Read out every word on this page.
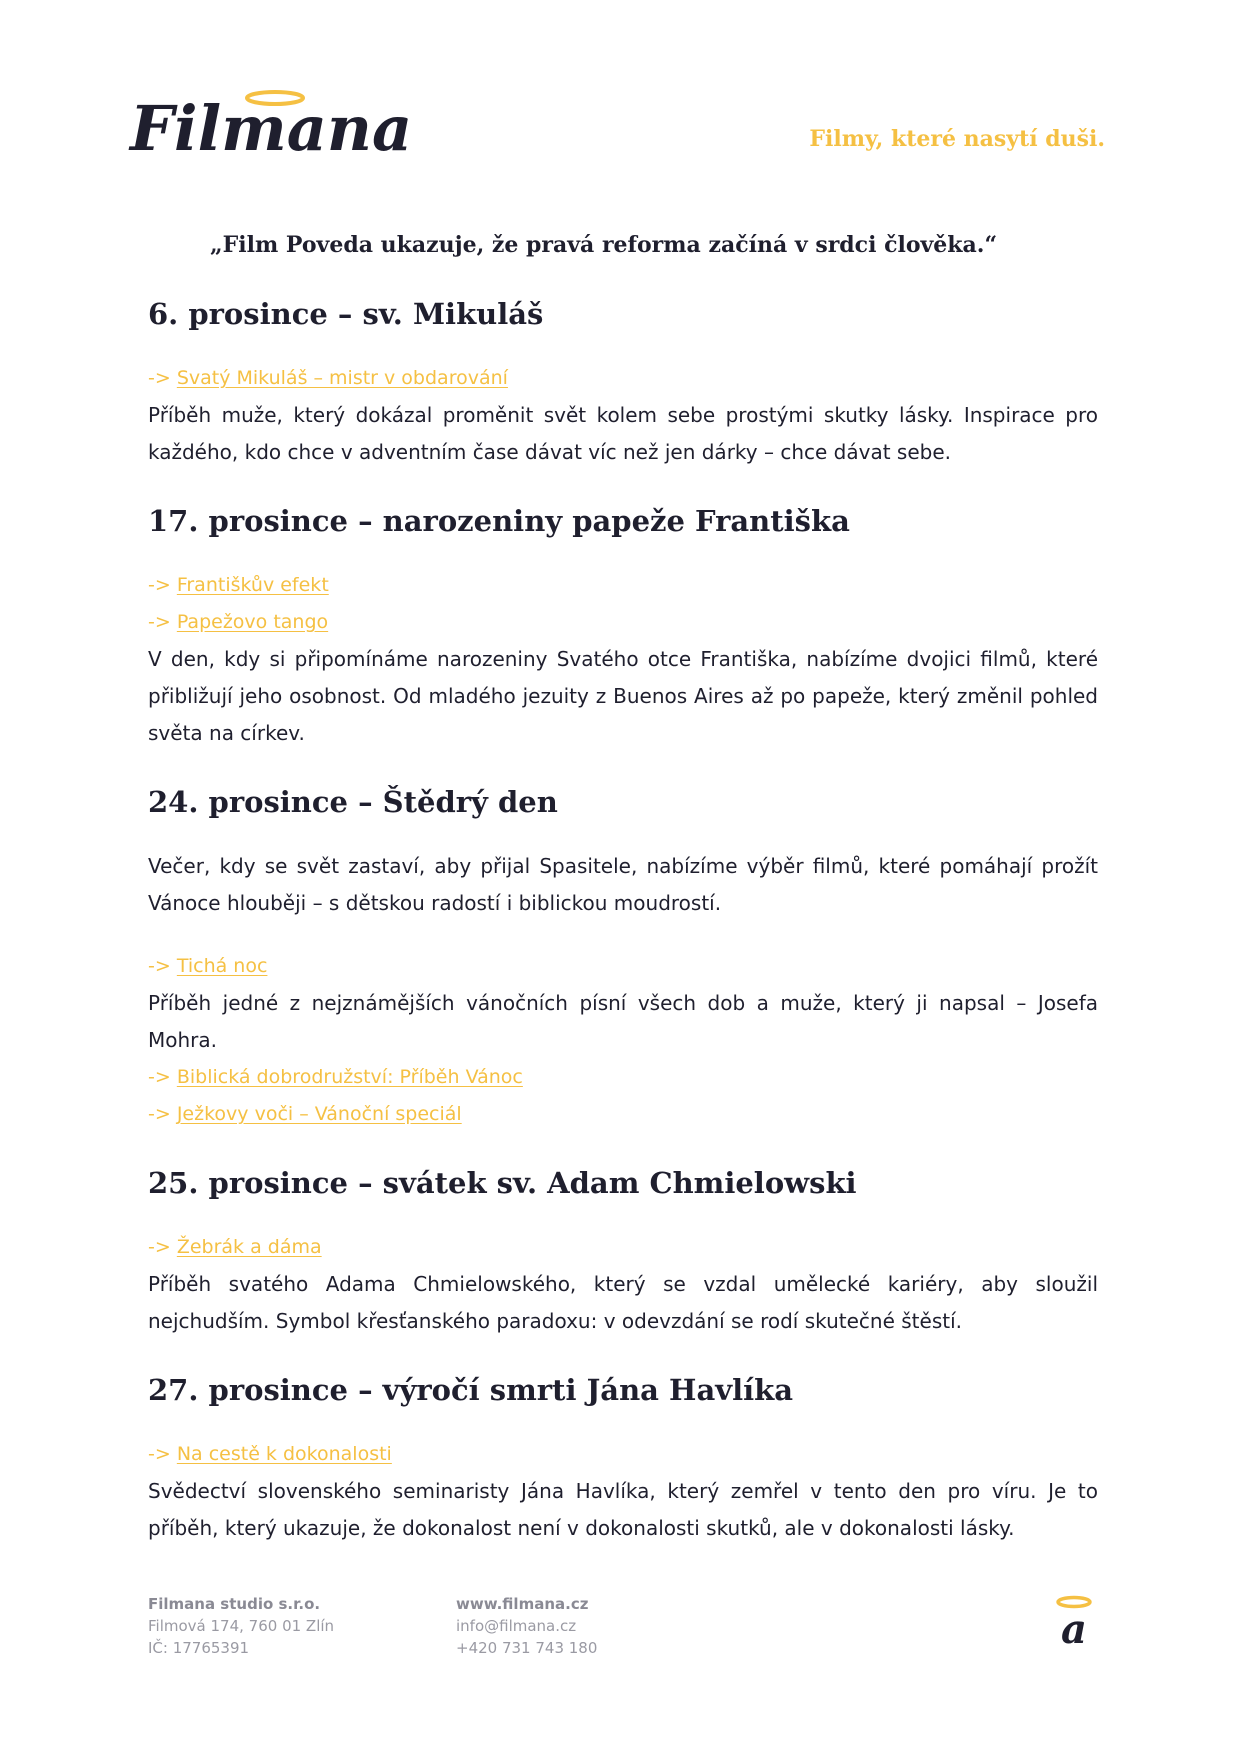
Filmana	Filmy, které nasytí duši.

„Film Poveda ukazuje, že pravá reforma začíná v srdci člověka.“

6. prosince – sv. Mikuláš
-> Svatý Mikuláš – mistr v obdarování

Příběh muže, který dokázal proměnit svět kolem sebe prostými skutky lásky. Inspirace pro každého, kdo chce v adventním čase dávat víc než jen dárky – chce dávat sebe.

17. prosince – narozeniny papeže Františka
-> Františkův efekt
-> Papežovo tango

V den, kdy si připomínáme narozeniny Svatého otce Františka, nabízíme dvojici filmů, které přibližují jeho osobnost. Od mladého jezuity z Buenos Aires až po papeže, který změnil pohled světa na církev.

24. prosince – Štědrý den

Večer, kdy se svět zastaví, aby přijal Spasitele, nabízíme výběr filmů, které pomáhají prožít Vánoce hlouběji – s dětskou radostí i biblickou moudrostí.

-> Tichá noc

Příběh jedné z nejznámějších vánočních písní všech dob a muže, který ji napsal – Josefa Mohra.

-> Biblická dobrodružství: Příběh Vánoc
-> Ježkovy voči – Vánoční speciál
25. prosince – svátek sv. Adam Chmielowski
-> Žebrák a dáma

Příběh svatého Adama Chmielowského, který se vzdal umělecké kariéry, aby sloužil nejchudším. Symbol křesťanského paradoxu: v odevzdání se rodí skutečné štěstí.

27. prosince – výročí smrti Jána Havlíka
-> Na cestě k dokonalosti

Svědectví slovenského seminaristy Jána Havlíka, který zemřel v tento den pro víru. Je to příběh, který ukazuje, že dokonalost není v dokonalosti skutků, ale v dokonalosti lásky.

Filmana studio s.r.o.
Filmová 174, 760 01 Zlín
IČ: 17765391
www.filmana.cz
info@filmana.cz
+420 731 743 180	a
